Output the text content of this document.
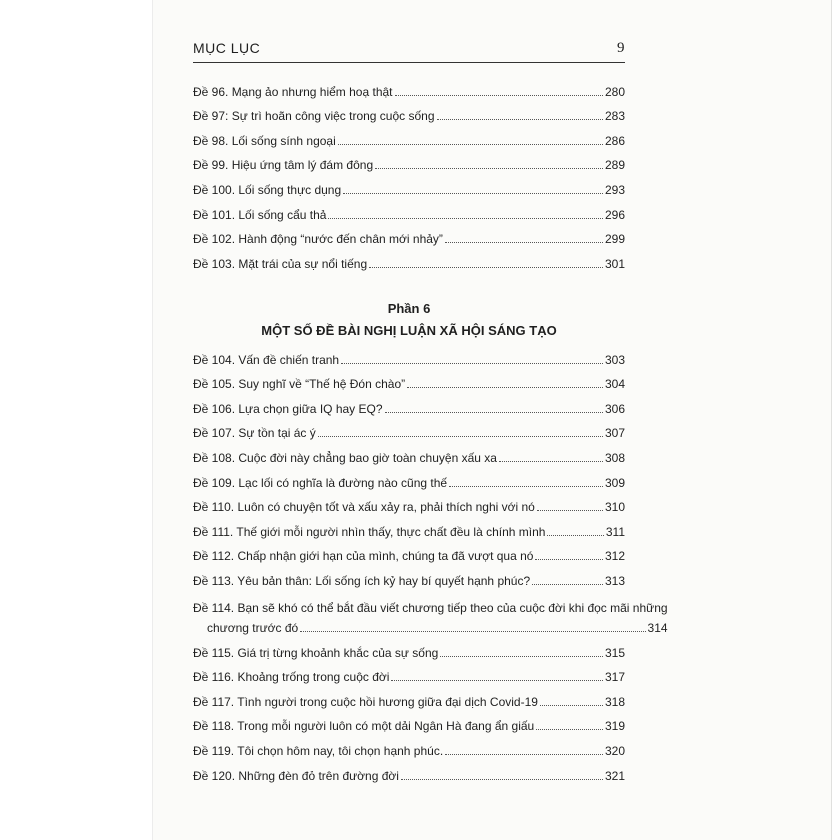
MỤC LỤC	9
Đề 96. Mạng ảo nhưng hiểm hoạ thật	280
Đề 97: Sự trì hoãn công việc trong cuộc sống	283
Đề 98. Lối sống sính ngoại	286
Đề 99. Hiệu ứng tâm lý đám đông	289
Đề 100. Lối sống thực dụng	293
Đề 101. Lối sống cẩu thả	296
Đề 102. Hành động “nước đến chân mới nhảy”	299
Đề 103. Mặt trái của sự nổi tiếng	301
Phần 6
MỘT SỐ ĐỀ BÀI NGHỊ LUẬN XÃ HỘI SÁNG TẠO
Đề 104. Vấn đề chiến tranh	303
Đề 105. Suy nghĩ về “Thế hệ Đón chào”	304
Đề 106. Lựa chọn giữa IQ hay EQ?	306
Đề 107. Sự tồn tại ác ý	307
Đề 108. Cuộc đời này chẳng bao giờ toàn chuyện xấu xa	308
Đề 109. Lạc lối có nghĩa là đường nào cũng thế	309
Đề 110. Luôn có chuyện tốt và xấu xảy ra, phải thích nghi với nó	310
Đề 111. Thế giới mỗi người nhìn thấy, thực chất đều là chính mình	311
Đề 112. Chấp nhận giới hạn của mình, chúng ta đã vượt qua nó	312
Đề 113. Yêu bản thân: Lối sống ích kỷ hay bí quyết hạnh phúc?	313
Đề 114. Bạn sẽ khó có thể bắt đầu viết chương tiếp theo của cuộc đời khi đọc mãi những
chương trước đó	314
Đề 115. Giá trị từng khoảnh khắc của sự sống	315
Đề 116. Khoảng trống trong cuộc đời	317
Đề 117. Tình người trong cuộc hồi hương giữa đại dịch Covid-19	318
Đề 118. Trong mỗi người luôn có một dải Ngân Hà đang ẩn giấu	319
Đề 119. Tôi chọn hôm nay, tôi chọn hạnh phúc.	320
Đề 120. Những đèn đỏ trên đường đời	321
